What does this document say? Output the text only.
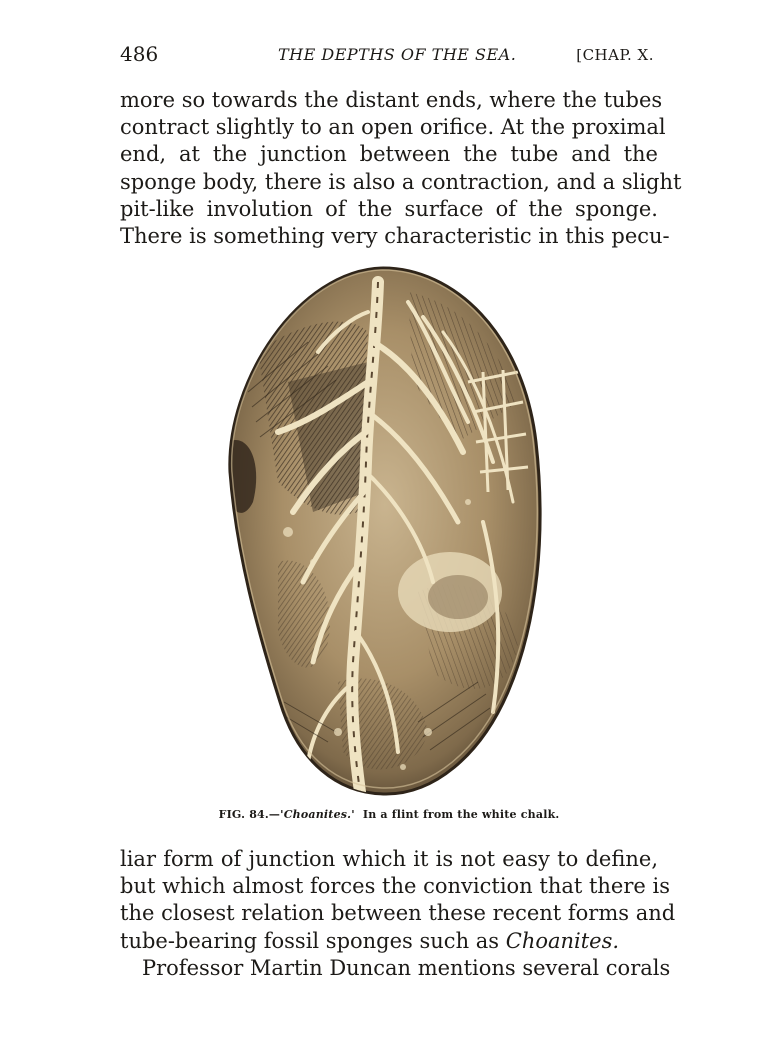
486	THE DEPTHS OF THE SEA.	[CHAP. X.
more so towards the distant ends, where the tubes
contract slightly to an open orifice. At the proximal
end, at the junction between the tube and the
sponge body, there is also a contraction, and a slight
pit-like involution of the surface of the sponge.
There is something very characteristic in this pecu-
FIG. 84.—'Choanites.' In a flint from the white chalk.
liar form of junction which it is not easy to define,
but which almost forces the conviction that there is
the closest relation between these recent forms and
tube-bearing fossil sponges such as Choanites.
Professor Martin Duncan mentions several corals
